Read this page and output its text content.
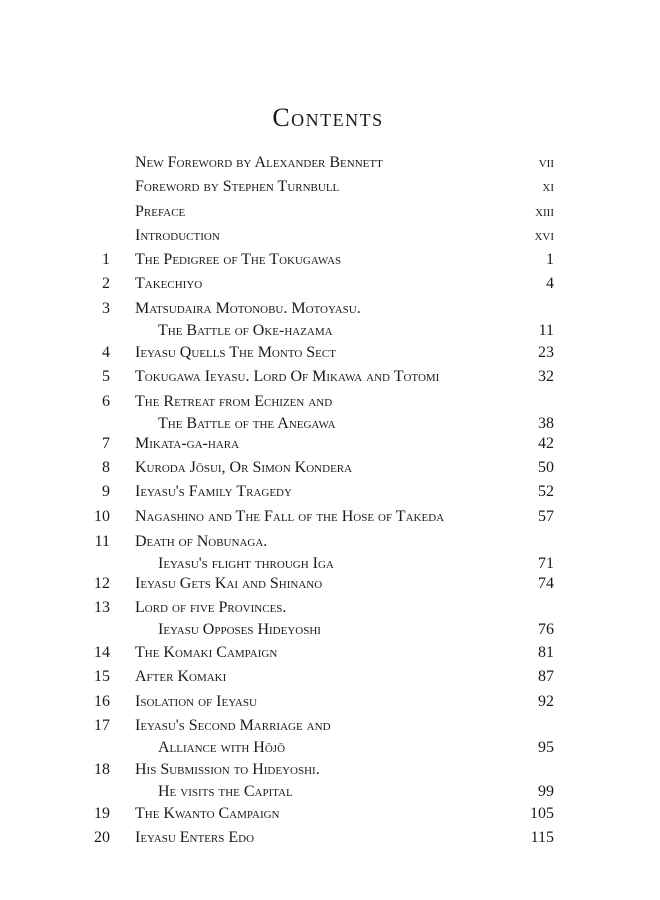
Contents
New Foreword by Alexander Bennett	vii
Foreword by Stephen Turnbull	xi
Preface	xiii
Introduction	xvi
1 The Pedigree of The Tokugawas	1
2 Takechiyo	4
3 Matsudaira Motonobu. Motoyasu.
The Battle of Oke-hazama	11
4 Ieyasu Quells The Monto Sect	23
5 Tokugawa Ieyasu. Lord Of Mikawa and Totomi	32
6 The Retreat from Echizen and
The Battle of the Anegawa	38
7 Mikata-ga-hara	42
8 Kuroda Jōsui, Or Simon Kondera	50
9 Ieyasu's Family Tragedy	52
10 Nagashino and The Fall of the Hose of Takeda	57
11 Death of Nobunaga.
Ieyasu's flight through Iga	71
12 Ieyasu Gets Kai and Shinano	74
13 Lord of five Provinces.
Ieyasu Opposes Hideyoshi	76
14 The Komaki Campaign	81
15 After Komaki	87
16 Isolation of Ieyasu	92
17 Ieyasu's Second Marriage and
Alliance with Hōjō	95
18 His Submission to Hideyoshi.
He visits the Capital	99
19 The Kwanto Campaign	105
20 Ieyasu Enters Edo	115
